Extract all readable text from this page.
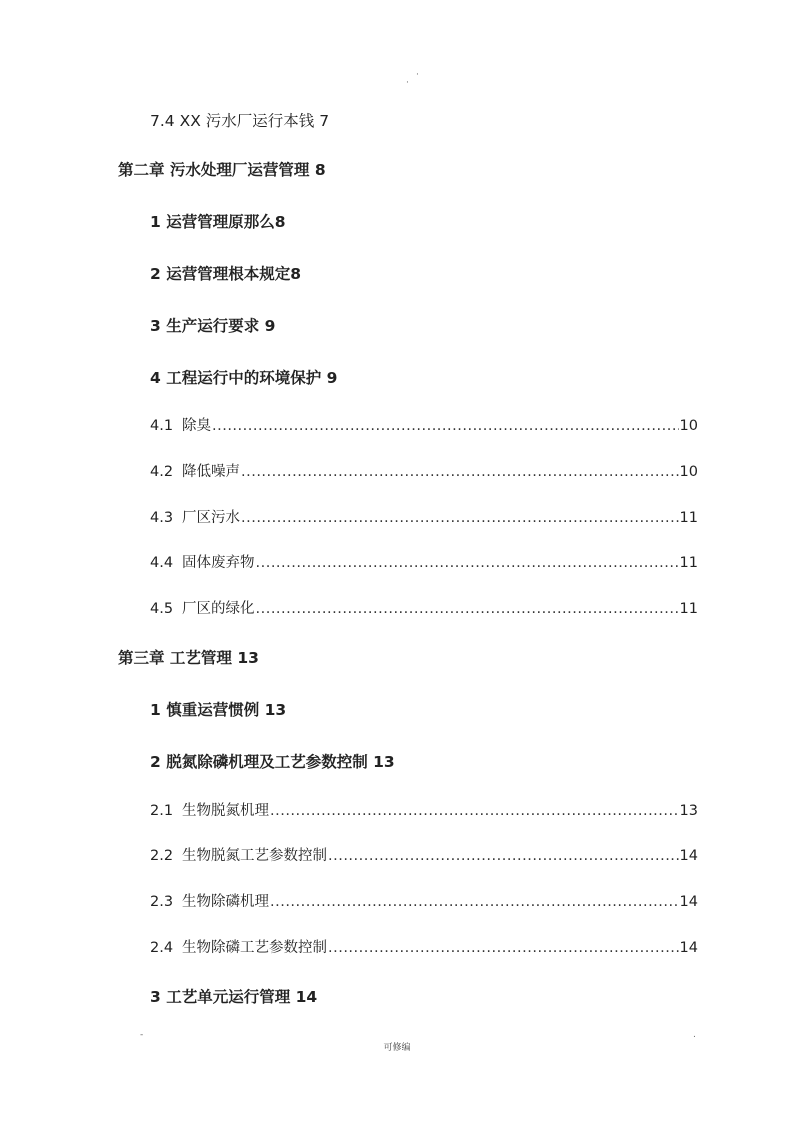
·
·
7.4 XX 污水厂运行本钱 7
第二章 污水处理厂运营管理 8
1 运营管理原那么8
2 运营管理根本规定8
3 生产运行要求 9
4 工程运行中的环境保护 9
4.1 除臭 .....	10
4.2 降低噪声 .....	10
4.3 厂区污水 .....	11
4.4 固体废弃物 .....	11
4.5 厂区的绿化 .....	11
第三章 工艺管理 13
1 慎重运营惯例 13
2 脱氮除磷机理及工艺参数控制 13
2.1 生物脱氮机理 .....	13
2.2 生物脱氮工艺参数控制 .....	14
2.3 生物除磷机理 .....	14
2.4 生物除磷工艺参数控制 .....	14
3 工艺单元运行管理 14
-	.
可修编
